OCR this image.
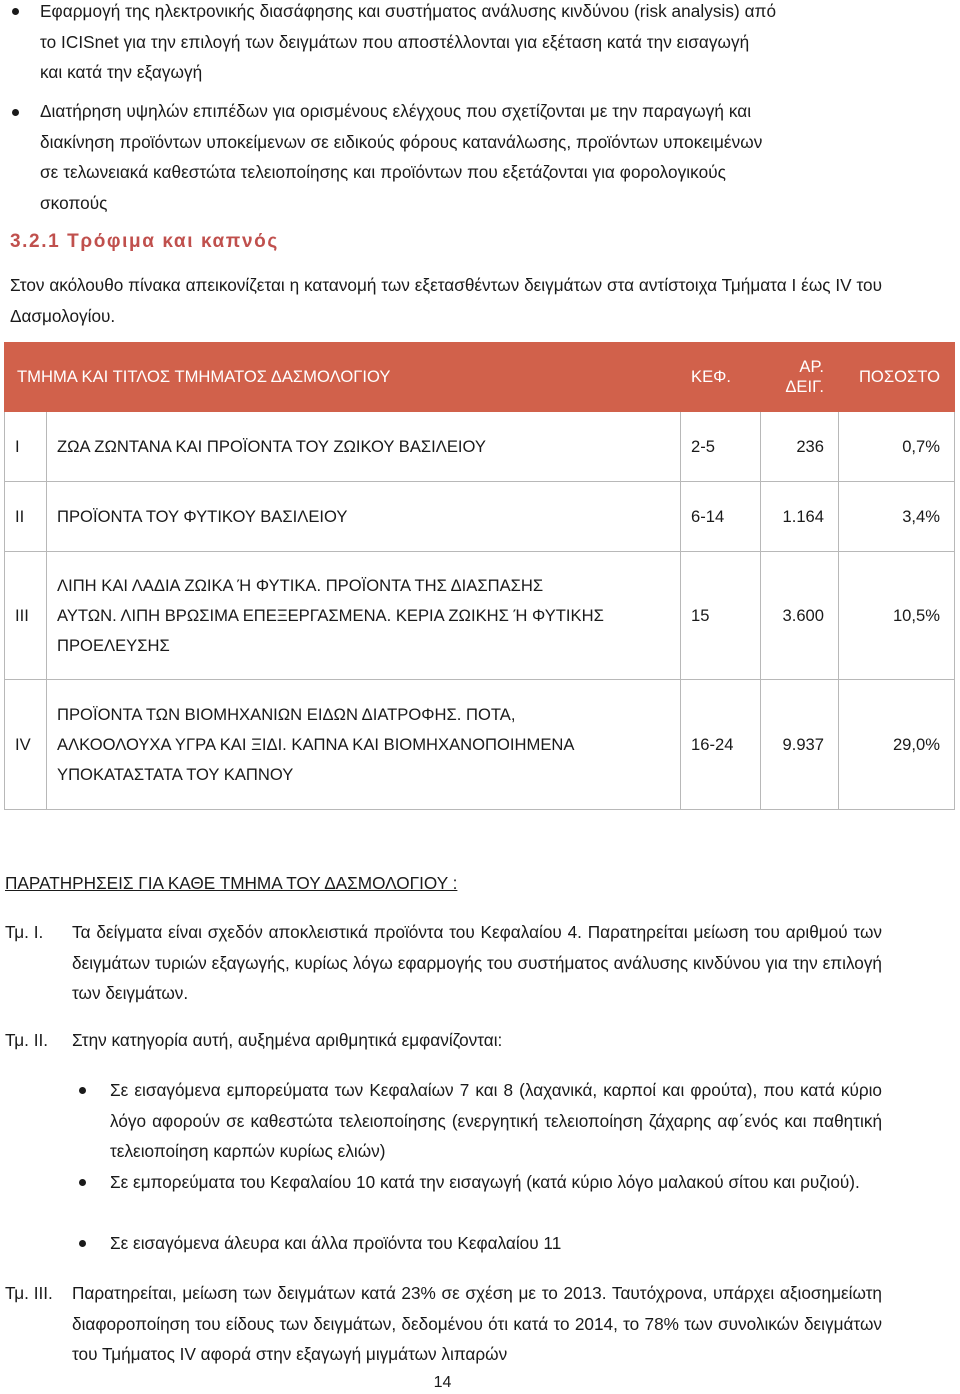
Εφαρμογή της ηλεκτρονικής διασάφησης και συστήματος ανάλυσης κινδύνου (risk analysis) από
το ICISnet για την επιλογή των δειγμάτων που αποστέλλονται για εξέταση κατά την εισαγωγή
και κατά την εξαγωγή
Διατήρηση υψηλών επιπέδων για ορισμένους ελέγχους που σχετίζονται με την παραγωγή και
διακίνηση προϊόντων υποκείμενων σε ειδικούς φόρους κατανάλωσης, προϊόντων υποκειμένων
σε τελωνειακά καθεστώτα τελειοποίησης και προϊόντων που εξετάζονται για φορολογικούς
σκοπούς
3.2.1 Τρόφιμα και καπνός
Στον ακόλουθο πίνακα απεικονίζεται η κατανομή των εξετασθέντων δειγμάτων στα αντίστοιχα Τμήματα I έως IV του Δασμολογίου.
ΤΜΗΜΑ ΚΑΙ ΤΙΤΛΟΣ ΤΜΗΜΑΤΟΣ ΔΑΣΜΟΛΟΓΙΟΥ		ΚΕΦ.	ΑΡ. ΔΕΙΓ.	ΠΟΣΟΣΤΟ
I	ΖΩΑ ΖΩΝΤΑΝΑ ΚΑΙ ΠΡΟΪΟΝΤΑ ΤΟΥ ΖΩΙΚΟΥ ΒΑΣΙΛΕΙΟΥ	2-5	236	0,7%
II	ΠΡΟΪΟΝΤΑ ΤΟΥ ΦΥΤΙΚΟΥ ΒΑΣΙΛΕΙΟΥ	6-14	1.164	3,4%
III	ΛΙΠΗ ΚΑΙ ΛΑΔΙΑ ΖΩΙΚΑ Ή ΦΥΤΙΚΑ. ΠΡΟΪΟΝΤΑ ΤΗΣ ΔΙΑΣΠΑΣΗΣ
ΑΥΤΩΝ. ΛΙΠΗ ΒΡΩΣΙΜΑ ΕΠΕΞΕΡΓΑΣΜΕΝΑ. ΚΕΡΙΑ ΖΩΙΚΗΣ Ή ΦΥΤΙΚΗΣ
ΠΡΟΕΛΕΥΣΗΣ	15	3.600	10,5%
IV	ΠΡΟΪΟΝΤΑ ΤΩΝ ΒΙΟΜΗΧΑΝΙΩΝ ΕΙΔΩΝ ΔΙΑΤΡΟΦΗΣ. ΠΟΤΑ,
ΑΛΚΟΟΛΟΥΧΑ ΥΓΡΑ ΚΑΙ ΞΙΔΙ. ΚΑΠΝΑ ΚΑΙ ΒΙΟΜΗΧΑΝΟΠΟΙΗΜΕΝΑ
ΥΠΟΚΑΤΑΣΤΑΤΑ ΤΟΥ ΚΑΠΝΟΥ	16-24	9.937	29,0%
ΠΑΡΑΤΗΡΗΣΕΙΣ ΓΙΑ ΚΑΘΕ ΤΜΗΜΑ ΤΟΥ ΔΑΣΜΟΛΟΓΙΟΥ :
Τμ. I. Τα δείγματα είναι σχεδόν αποκλειστικά προϊόντα του Κεφαλαίου 4. Παρατηρείται μείωση του αριθμού των δειγμάτων τυριών εξαγωγής, κυρίως λόγω εφαρμογής του συστήματος ανάλυσης κινδύνου για την επιλογή των δειγμάτων.
Τμ. II. Στην κατηγορία αυτή, αυξημένα αριθμητικά εμφανίζονται:
Σε εισαγόμενα εμπορεύματα των Κεφαλαίων 7 και 8 (λαχανικά, καρποί και φρούτα), που κατά κύριο λόγο αφορούν σε καθεστώτα τελειοποίησης (ενεργητική τελειοποίηση ζάχαρης αφ΄ενός και παθητική τελειοποίηση καρπών κυρίως ελιών)
Σε εμπορεύματα του Κεφαλαίου 10 κατά την εισαγωγή (κατά κύριο λόγο μαλακού σίτου και ρυζιού).
Σε εισαγόμενα άλευρα και άλλα προϊόντα του Κεφαλαίου 11
Τμ. III. Παρατηρείται, μείωση των δειγμάτων κατά 23% σε σχέση με το 2013. Ταυτόχρονα, υπάρχει αξιοσημείωτη διαφοροποίηση του είδους των δειγμάτων, δεδομένου ότι κατά το 2014, το 78% των συνολικών δειγμάτων του Τμήματος IV αφορά στην εξαγωγή μιγμάτων λιπαρών
14
